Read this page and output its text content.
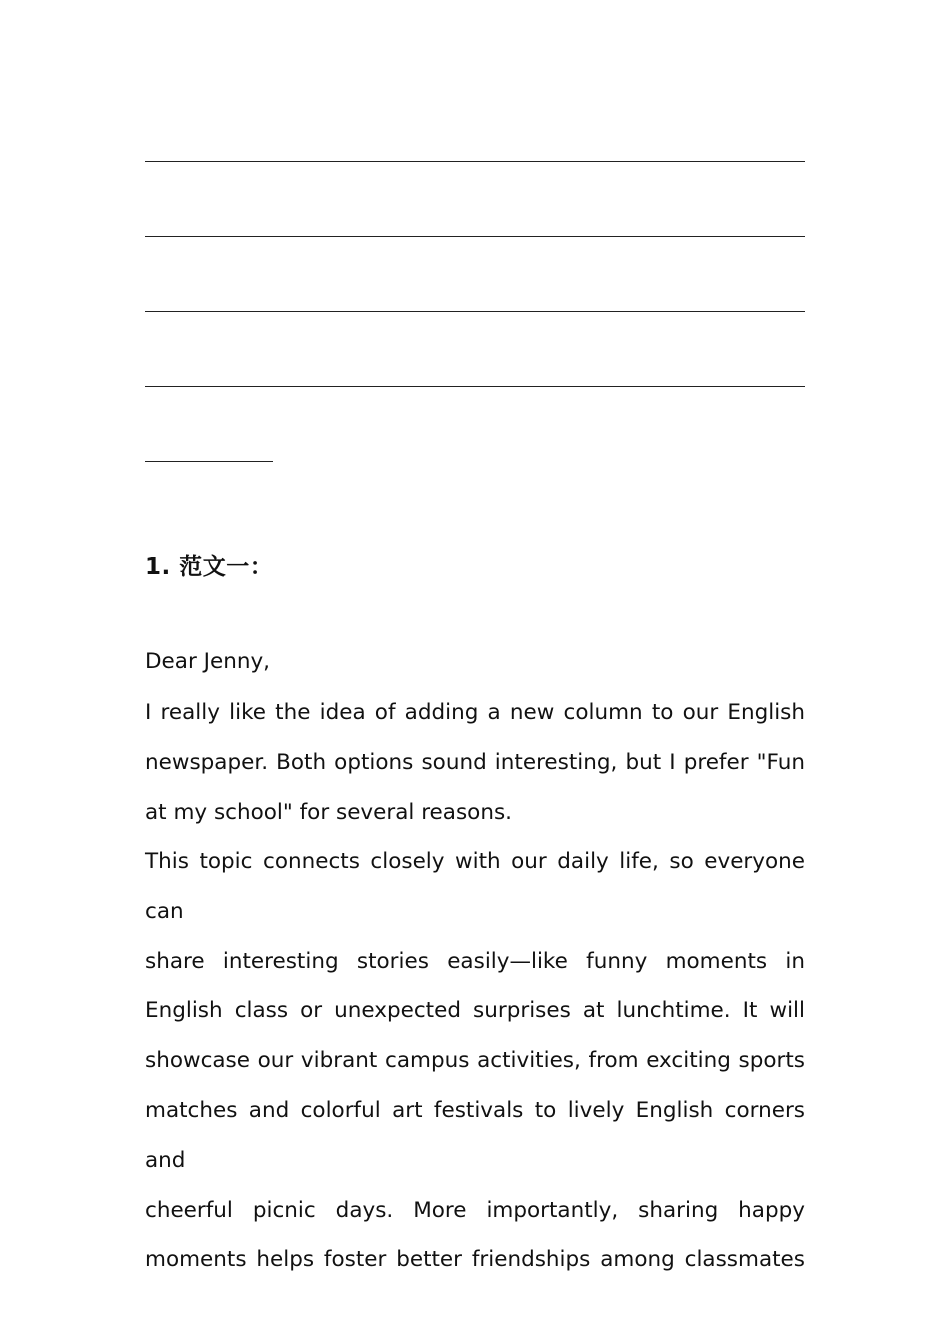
1. 范文一：

Dear Jenny,

I really like the idea of adding a new column to our English
newspaper. Both options sound interesting, but I prefer "Fun
at my school" for several reasons.

This topic connects closely with our daily life, so everyone can
share interesting stories easily—like funny moments in
English class or unexpected surprises at lunchtime. It will
showcase our vibrant campus activities, from exciting sports
matches and colorful art festivals to lively English corners and
cheerful picnic days. More importantly, sharing happy
moments helps foster better friendships among classmates
